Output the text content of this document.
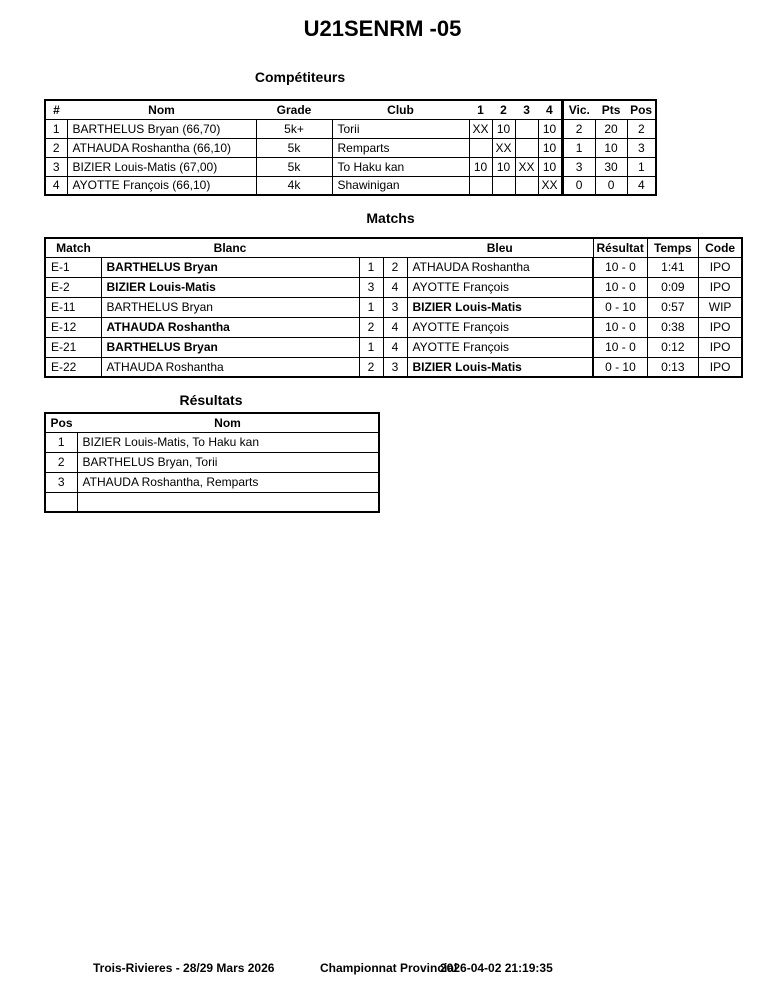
U21SENRM -05
Compétiteurs
#	Nom	Grade	Club	1	2	3	4	Vic.	Pts	Pos
1	BARTHELUS Bryan (66,70)	5k+	Torii	XX	10		10	2	20	2
2	ATHAUDA Roshantha (66,10)	5k	Remparts		XX		10	1	10	3
3	BIZIER Louis-Matis (67,00)	5k	To Haku kan	10	10	XX	10	3	30	1
4	AYOTTE François (66,10)	4k	Shawinigan				XX	0	0	4
Matchs
Match	Blanc			Bleu	Résultat	Temps	Code
E-1	BARTHELUS Bryan	1	2	ATHAUDA Roshantha	10 - 0	1:41	IPO
E-2	BIZIER Louis-Matis	3	4	AYOTTE François	10 - 0	0:09	IPO
E-11	BARTHELUS Bryan	1	3	BIZIER Louis-Matis	0 - 10	0:57	WIP
E-12	ATHAUDA Roshantha	2	4	AYOTTE François	10 - 0	0:38	IPO
E-21	BARTHELUS Bryan	1	4	AYOTTE François	10 - 0	0:12	IPO
E-22	ATHAUDA Roshantha	2	3	BIZIER Louis-Matis	0 - 10	0:13	IPO
Résultats
Pos	Nom
1	BIZIER Louis-Matis, To Haku kan
2	BARTHELUS Bryan, Torii
3	ATHAUDA Roshantha, Remparts

Trois-Rivieres - 28/29 Mars 2026	Championnat Provincial
2026-04-02 21:19:35
